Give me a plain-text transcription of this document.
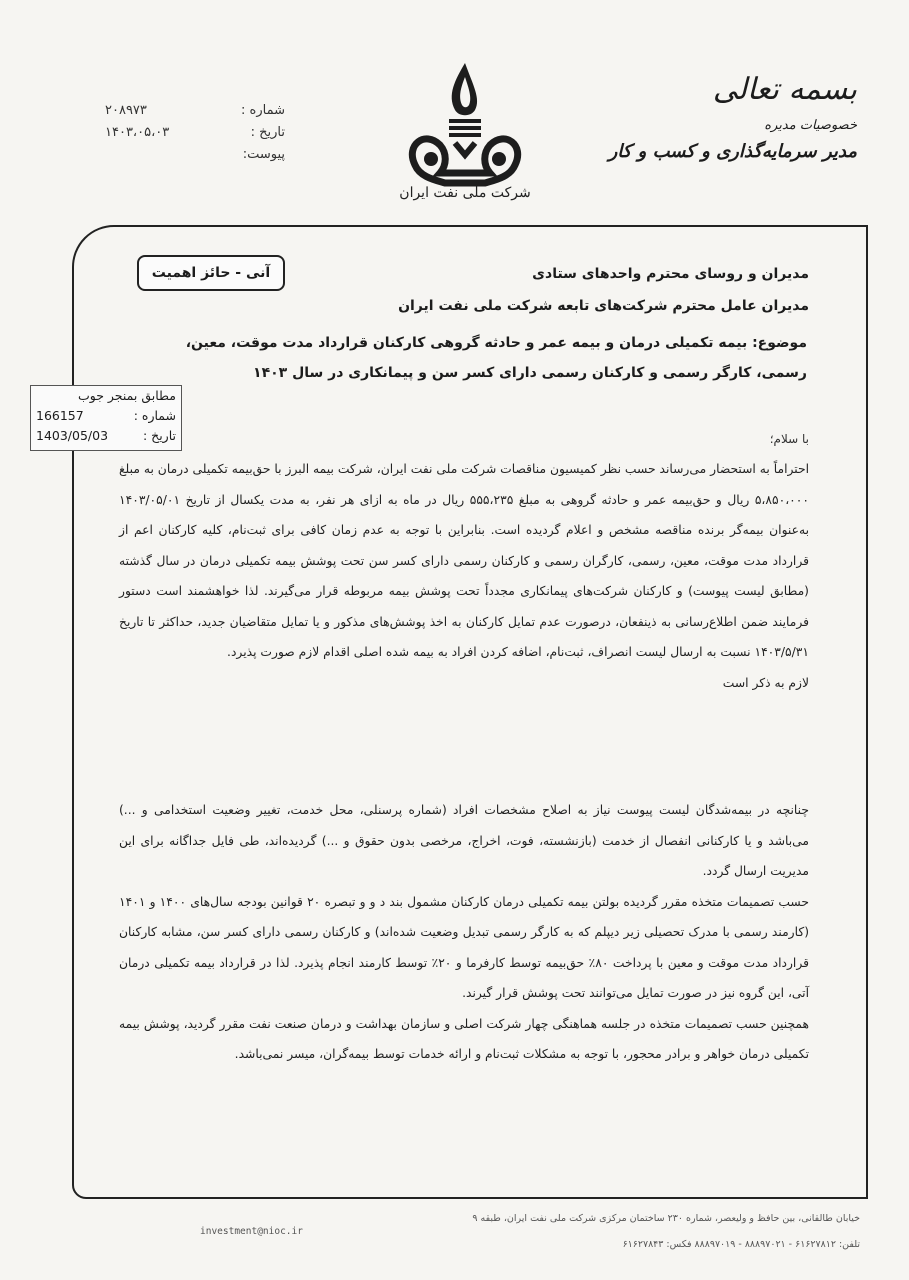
شماره :
۲۰۸۹۷۳
تاریخ :
۱۴۰۳،۰۵،۰۳
پیوست:
شرکت ملی نفت ایران
بسمه تعالی
خصوصیات مدیره
مدیر سرمایه‌گذاری و کسب و کار
آنی - حائز اهمیت	مدیران و روسای محترم واحدهای ستادی
مدیران عامل محترم شرکت‌های تابعه شرکت ملی نفت ایران
موضوع: بیمه تکمیلی درمان و بیمه عمر و حادثه گروهی کارکنان قرارداد مدت موقت، معین،
رسمی، کارگر رسمی و کارکنان رسمی دارای کسر سن و پیمانکاری در سال ۱۴۰۳
مطابق بمنجر جوب
شماره :
166157
تاریخ :
1403/05/03	با سلام؛

احتراماً به استحضار می‌رساند حسب نظر کمیسیون مناقصات شرکت ملی نفت ایران، شرکت بیمه البرز با حق‌بیمه تکمیلی درمان به مبلغ ۵،۸۵۰،۰۰۰ ریال و حق‌بیمه عمر و حادثه گروهی به مبلغ ۵۵۵،۲۳۵ ریال در ماه به ازای هر نفر، به مدت یکسال از تاریخ ۱۴۰۳/۰۵/۰۱ به‌عنوان بیمه‌گر برنده مناقصه مشخص و اعلام گردیده است. بنابراین با توجه به عدم زمان کافی برای ثبت‌نام، کلیه کارکنان اعم از قرارداد مدت موقت، معین، رسمی، کارگران رسمی و کارکنان رسمی دارای کسر سن تحت پوشش بیمه تکمیلی درمان در سال گذشته (مطابق لیست پیوست) و کارکنان شرکت‌های پیمانکاری مجدداً تحت پوشش بیمه مربوطه قرار می‌گیرند. لذا خواهشمند است دستور فرمایند ضمن اطلاع‌رسانی به ذینفعان، درصورت عدم تمایل کارکنان به اخذ پوشش‌های مذکور و یا تمایل متقاضیان جدید، حداکثر تا تاریخ ۱۴۰۳/۵/۳۱ نسبت به ارسال لیست انصراف، ثبت‌نام، اضافه کردن افراد به بیمه شده اصلی اقدام لازم صورت پذیرد.

لازم به ذکر است

چنانچه در بیمه‌شدگان لیست پیوست نیاز به اصلاح مشخصات افراد (شماره پرسنلی، محل خدمت، تغییر وضعیت استخدامی و ...) می‌باشد و یا کارکنانی انفصال از خدمت (بازنشسته، فوت، اخراج، مرخصی بدون حقوق و ...) گردیده‌اند، طی فایل جداگانه برای این مدیریت ارسال گردد.

حسب تصمیمات متخذه مقرر گردیده بولتن بیمه تکمیلی درمان کارکنان مشمول بند د و و تبصره ۲۰ قوانین بودجه سال‌های ۱۴۰۰ و ۱۴۰۱ (کارمند رسمی با مدرک تحصیلی زیر دیپلم که به کارگر رسمی تبدیل وضعیت شده‌اند) و کارکنان رسمی دارای کسر سن، مشابه کارکنان قرارداد مدت موقت و معین با پرداخت ۸۰٪ حق‌بیمه توسط کارفرما و ۲۰٪ توسط کارمند انجام پذیرد. لذا در قرارداد بیمه تکمیلی درمان آتی، این گروه نیز در صورت تمایل می‌توانند تحت پوشش قرار گیرند.

همچنین حسب تصمیمات متخذه در جلسه هماهنگی چهار شرکت اصلی و سازمان بهداشت و درمان صنعت نفت مقرر گردید، پوشش بیمه تکمیلی درمان خواهر و برادر محجور، با توجه به مشکلات ثبت‌نام و ارائه خدمات توسط بیمه‌گران، میسر نمی‌باشد.

خیابان طالقانی، بین حافظ و ولیعصر، شماره ۲۳۰ ساختمان مرکزی شرکت ملی نفت ایران، طبقه ۹
investment@nioc.ir
تلفن: ۶۱۶۲۷۸۱۲ - ۸۸۸۹۷۰۲۱ - ۸۸۸۹۷۰۱۹ فکس: ۶۱۶۲۷۸۴۳
